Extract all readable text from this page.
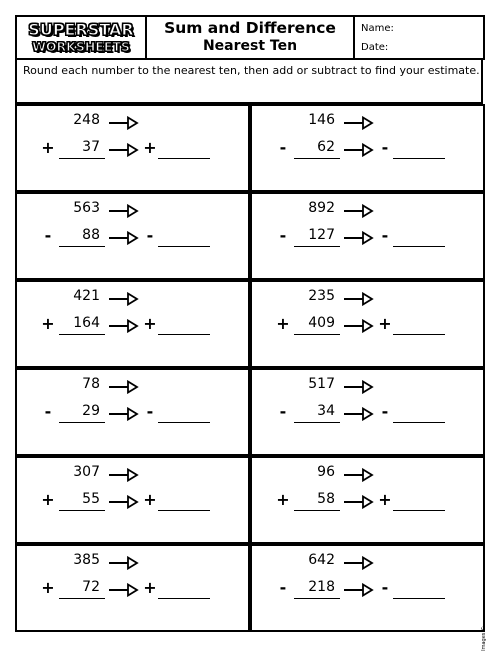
SUPERSTAR
WORKSHEETS
Sum and Difference
Nearest Ten
Name:
Date:
Round each number to the nearest ten, then add or subtract to find your estimate.
248
+	37	+
146
-	62	-
563
-	88	-
892
-	127	-
421
+	164	+
235
+	409	+
78
-	29	-
517
-	34	-
307
+	55	+
96
+	58	+
385
+	72	+
642
-	218	-
Images ©
